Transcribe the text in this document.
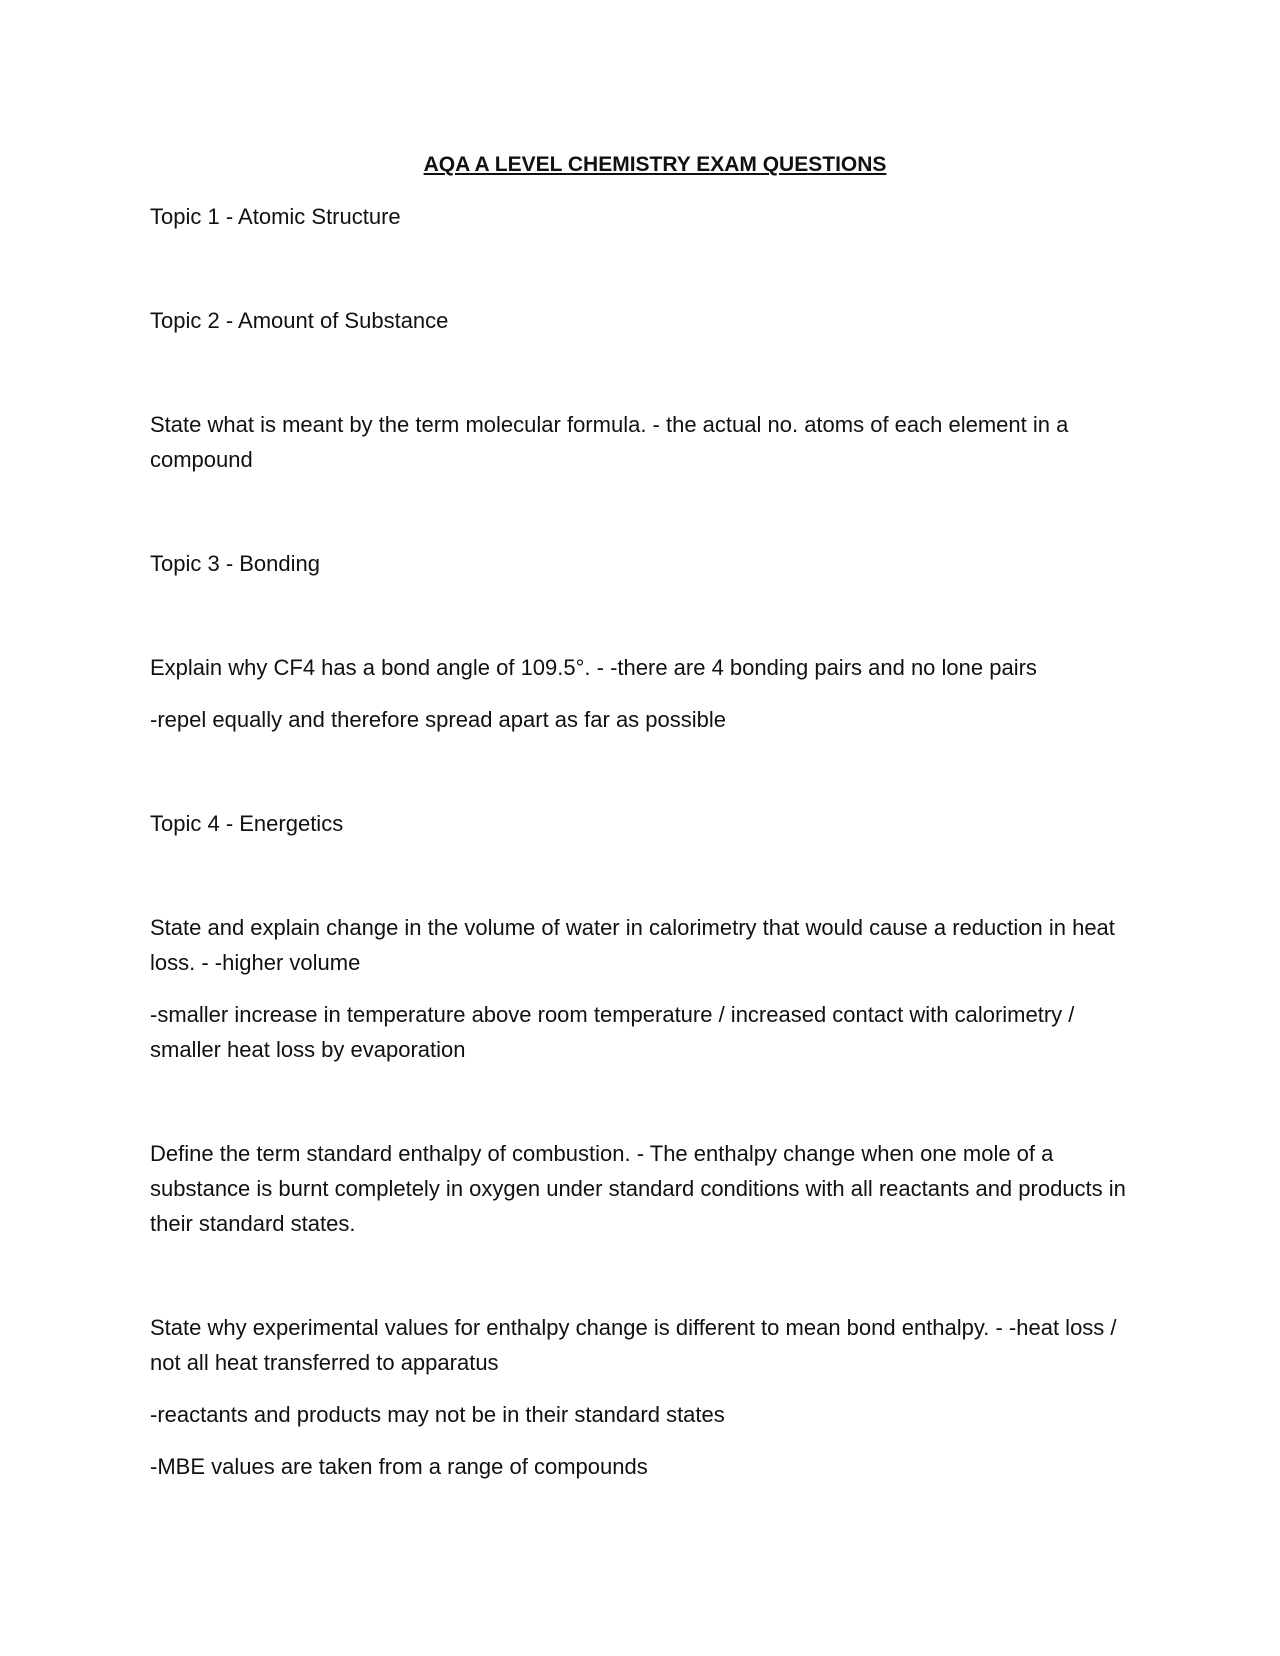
AQA A LEVEL CHEMISTRY EXAM QUESTIONS
Topic 1 - Atomic Structure
Topic 2 - Amount of Substance
State what is meant by the term molecular formula. - the actual no. atoms of each element in a compound
Topic 3 - Bonding
Explain why CF4 has a bond angle of 109.5°. - -there are 4 bonding pairs and no lone pairs
-repel equally and therefore spread apart as far as possible
Topic 4 - Energetics
State and explain change in the volume of water in calorimetry that would cause a reduction in heat loss. - -higher volume
-smaller increase in temperature above room temperature / increased contact with calorimetry / smaller heat loss by evaporation
Define the term standard enthalpy of combustion. - The enthalpy change when one mole of a substance is burnt completely in oxygen under standard conditions with all reactants and products in their standard states.
State why experimental values for enthalpy change is different to mean bond enthalpy. - -heat loss / not all heat transferred to apparatus
-reactants and products may not be in their standard states
-MBE values are taken from a range of compounds
